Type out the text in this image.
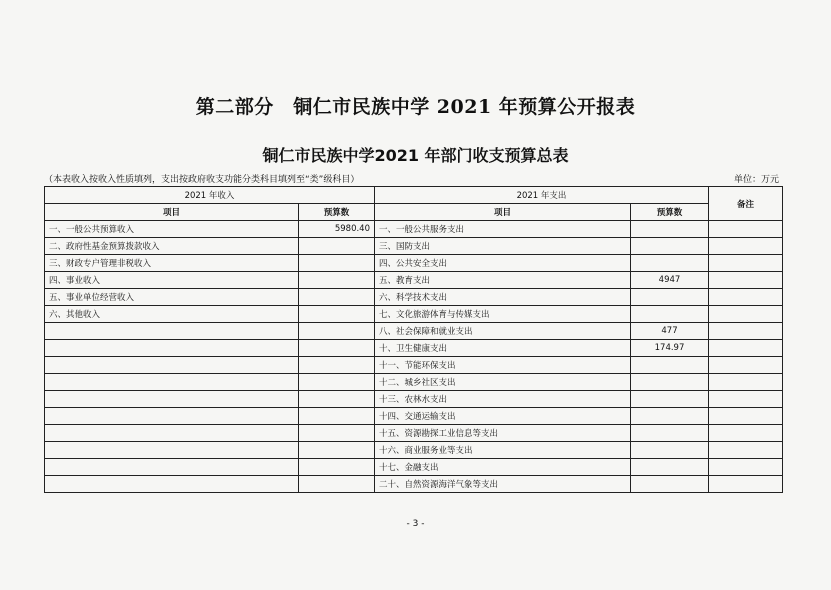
第二部分　铜仁市民族中学 2021 年预算公开报表
铜仁市民族中学2021 年部门收支预算总表
（本表收入按收入性质填列，支出按政府收支功能分类科目填列至“类”级科目）	单位：万元
2021 年收入		2021 年支出		备注
项目	预算数	项目	预算数	
一、一般公共预算收入	5980.40	一、一般公共服务支出		
二、政府性基金预算拨款收入		三、国防支出		
三、财政专户管理非税收入		四、公共安全支出		
四、事业收入		五、教育支出	4947	
五、事业单位经营收入		六、科学技术支出		
六、其他收入		七、文化旅游体育与传媒支出		
		八、社会保障和就业支出	477	
		十、卫生健康支出	174.97	
		十一、节能环保支出		
		十二、城乡社区支出		
		十三、农林水支出		
		十四、交通运输支出		
		十五、资源勘探工业信息等支出		
		十六、商业服务业等支出		
		十七、金融支出		
		二十、自然资源海洋气象等支出		
- 3 -
